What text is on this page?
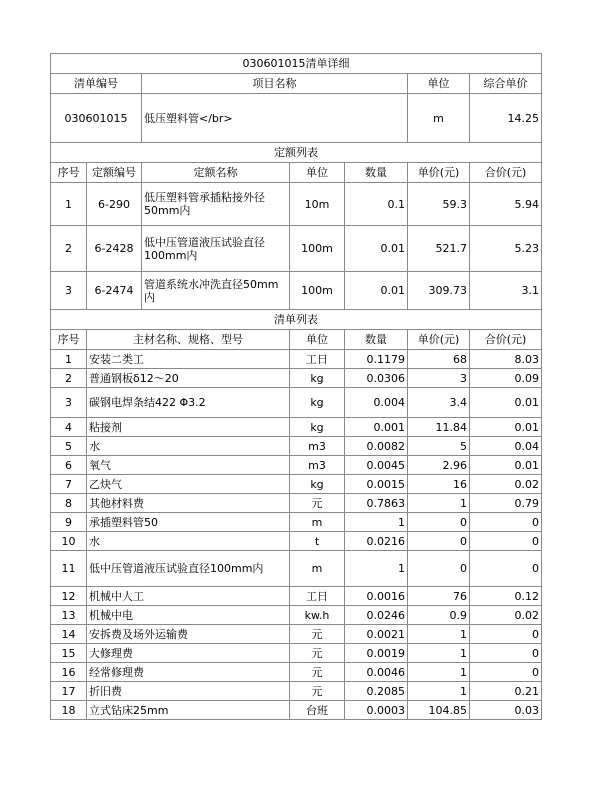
030601015清单详细						
清单编号		项目名称			单位	综合单价
030601015		低压塑料管</br>			m	14.25
定额列表						
序号	定额编号	定额名称	单位	数量	单价(元)	合价(元)
1	6-290	低压塑料管承插粘接外径50mm内	10m	0.1	59.3	5.94
2	6-2428	低中压管道液压试验直径100mm内	100m	0.01	521.7	5.23
3	6-2474	管道系统水冲洗直径50mm内	100m	0.01	309.73	3.1
清单列表						
序号	主材名称、规格、型号		单位	数量	单价(元)	合价(元)
1	安装二类工		工日	0.1179	68	8.03
2	普通钢板δ12～20		kg	0.0306	3	0.09
3	碳钢电焊条结422 Φ3.2		kg	0.004	3.4	0.01
4	粘接剂		kg	0.001	11.84	0.01
5	水		m3	0.0082	5	0.04
6	氧气		m3	0.0045	2.96	0.01
7	乙炔气		kg	0.0015	16	0.02
8	其他材料费		元	0.7863	1	0.79
9	承插塑料管50		m	1	0	0
10	水		t	0.0216	0	0
11	低中压管道液压试验直径100mm内		m	1	0	0
12	机械中人工		工日	0.0016	76	0.12
13	机械中电		kw.h	0.0246	0.9	0.02
14	安拆费及场外运输费		元	0.0021	1	0
15	大修理费		元	0.0019	1	0
16	经常修理费		元	0.0046	1	0
17	折旧费		元	0.2085	1	0.21
18	立式钻床25mm		台班	0.0003	104.85	0.03
